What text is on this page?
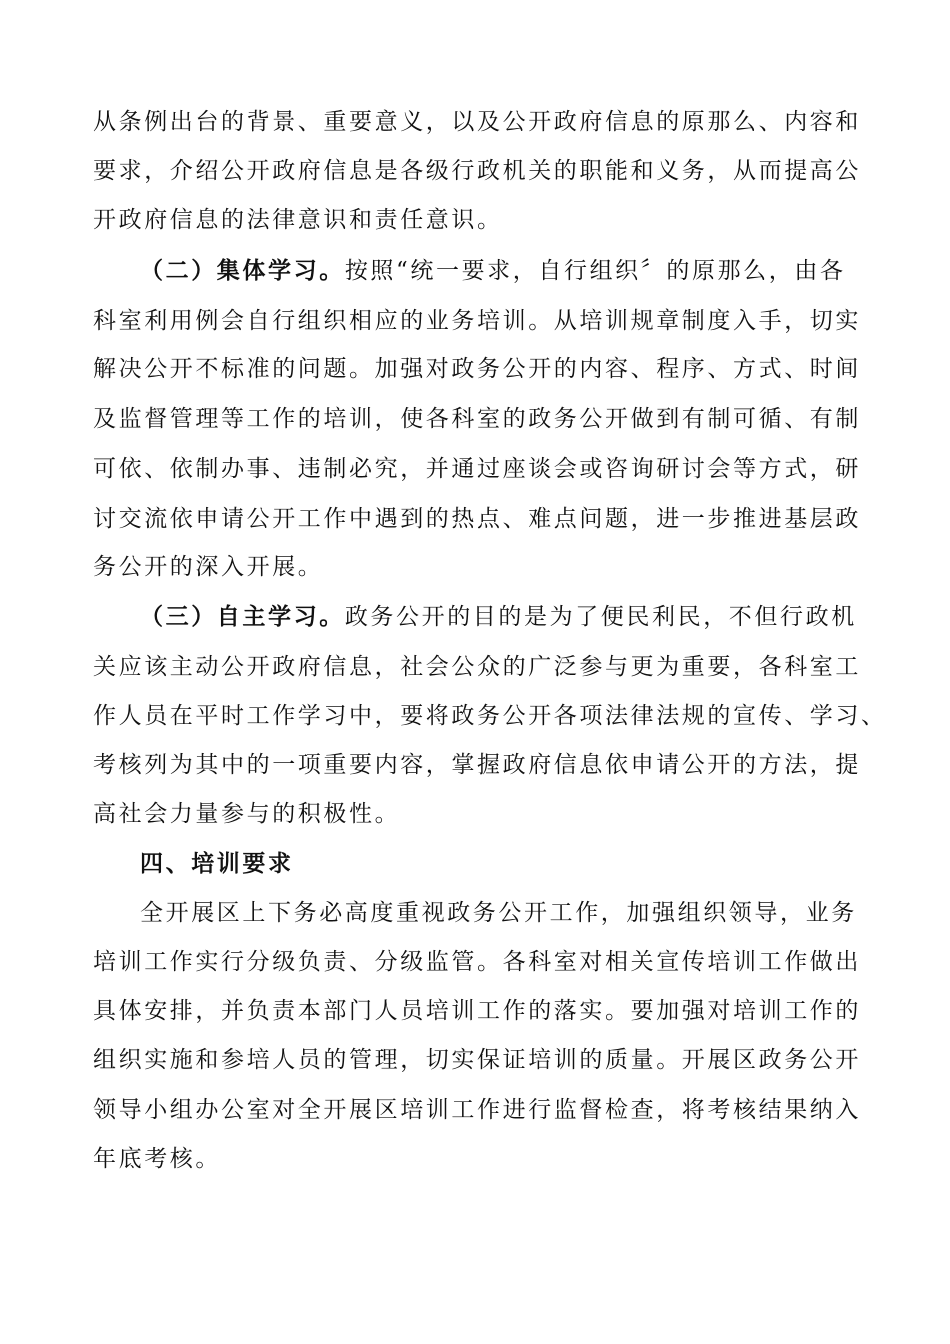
从条例出台的背景、重要意义，以及公开政府信息的原那么、内容和
要求，介绍公开政府信息是各级行政机关的职能和义务，从而提高公
开政府信息的法律意识和责任意识。
（二）集体学习。按照“统一要求，自行组织〞的原那么，由各
科室利用例会自行组织相应的业务培训。从培训规章制度入手，切实
解决公开不标准的问题。加强对政务公开的内容、程序、方式、时间
及监督管理等工作的培训，使各科室的政务公开做到有制可循、有制
可依、依制办事、违制必究，并通过座谈会或咨询研讨会等方式，研
讨交流依申请公开工作中遇到的热点、难点问题，进一步推进基层政
务公开的深入开展。
（三）自主学习。政务公开的目的是为了便民利民，不但行政机
关应该主动公开政府信息，社会公众的广泛参与更为重要，各科室工
作人员在平时工作学习中，要将政务公开各项法律法规的宣传、学习、
考核列为其中的一项重要内容，掌握政府信息依申请公开的方法，提
高社会力量参与的积极性。
四、培训要求
全开展区上下务必高度重视政务公开工作，加强组织领导，业务
培训工作实行分级负责、分级监管。各科室对相关宣传培训工作做出
具体安排，并负责本部门人员培训工作的落实。要加强对培训工作的
组织实施和参培人员的管理，切实保证培训的质量。开展区政务公开
领导小组办公室对全开展区培训工作进行监督检查，将考核结果纳入
年底考核。
